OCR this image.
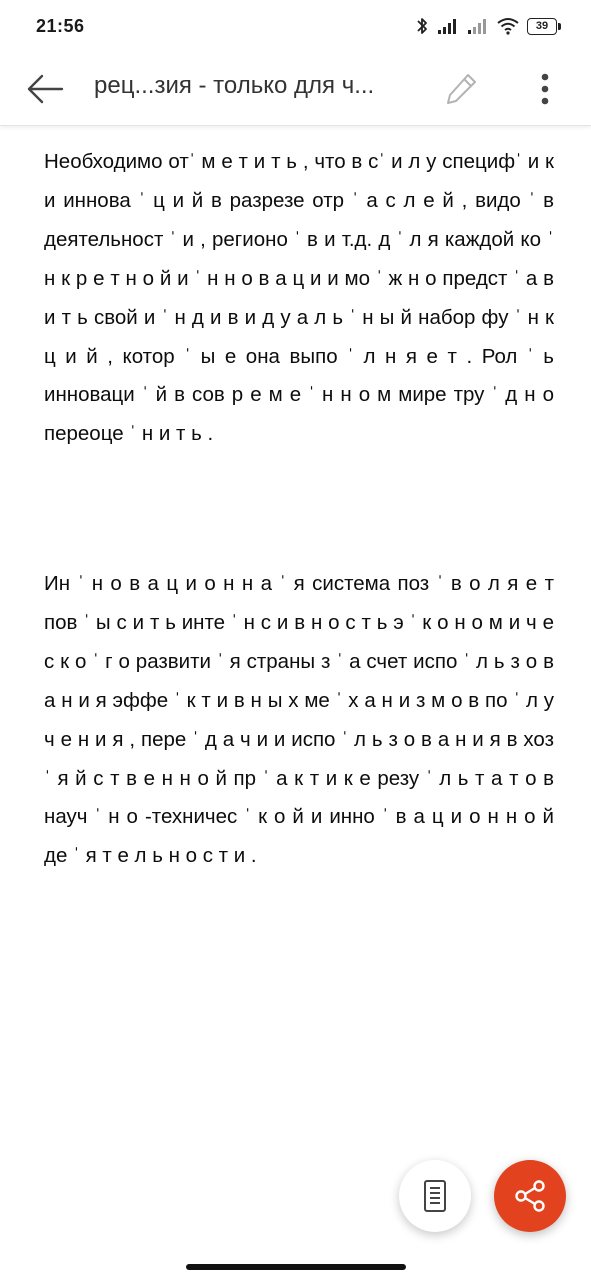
21:56	39
рец...зия - только для ч...

Необходимо отˈ м е т и т ь , что в сˈ и л у специфˈ и к и иннова ˈ ц и й в разрезе отр ˈ а с л е й , видо ˈ в деятельност ˈ и , регионо ˈ в и т.д. д ˈ л я каждой ко ˈ н к р е т н о й и ˈ н н о в а ц и и мо ˈ ж н о предст ˈ а в и т ь свой и ˈ н д и в и д у а л ь ˈ н ы й набор фу ˈ н к ц и й , котор ˈ ы е она выпо ˈ л н я е т . Рол ˈ ь инноваци ˈ й в сов р е м е ˈ н н о м мире тру ˈ д н о переоце ˈ н и т ь .

Ин ˈ н о в а ц и о н н а ˈ я система поз ˈ в о л я е т пов ˈ ы с и т ь инте ˈ н с и в н о с т ь э ˈ к о н о м и ч е с к о ˈ г о развити ˈ я страны з ˈ а счет испо ˈ л ь з о в а н и я эффе ˈ к т и в н ы х ме ˈ х а н и з м о в по ˈ л у ч е н и я , пере ˈ д а ч и и испо ˈ л ь з о в а н и я в хоз ˈ я й с т в е н н о й пр ˈ а к т и к е резу ˈ л ь т а т о в науч ˈ н о -техничес ˈ к о й и инно ˈ в а ц и о н н о й де ˈ я т е л ь н о с т и .
